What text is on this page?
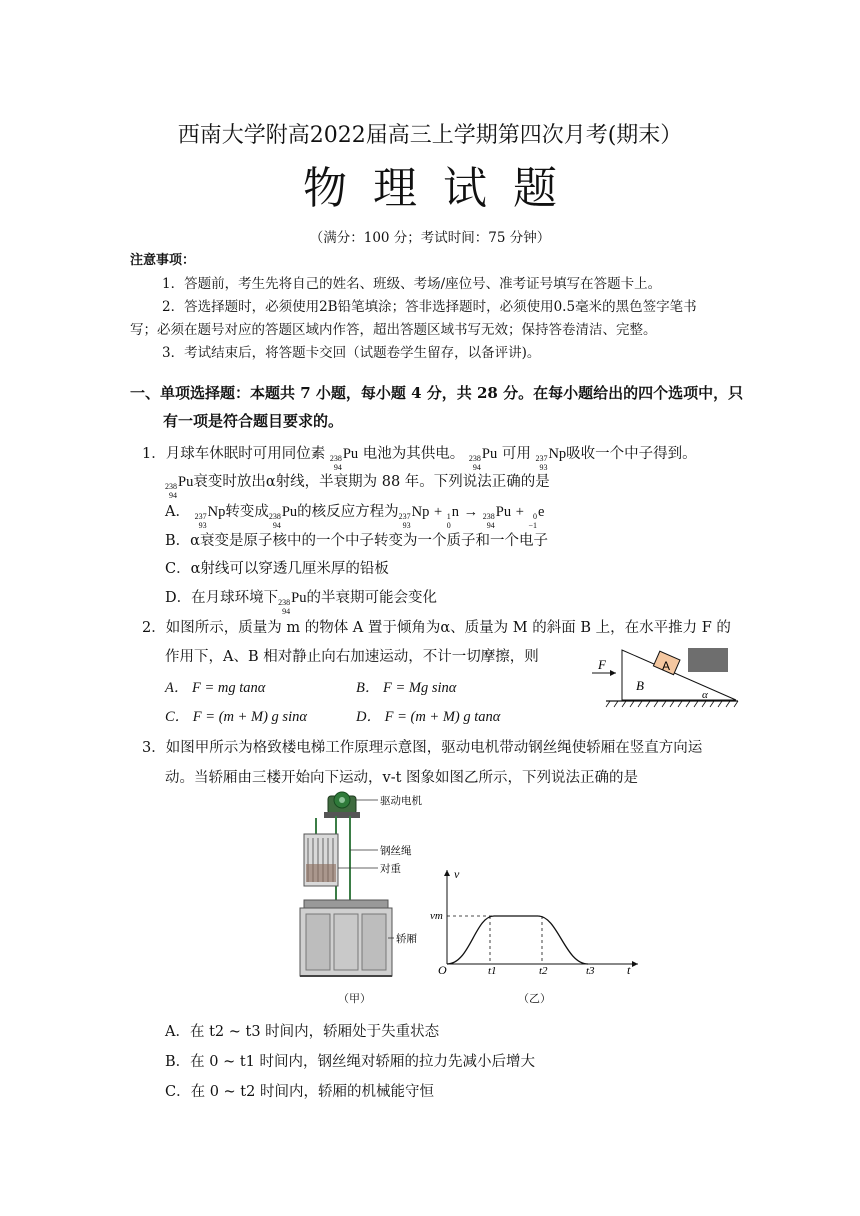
西南大学附高2022届高三上学期第四次月考(期末）
物理试题
（满分：100 分；考试时间：75 分钟）
注意事项：
1．答题前，考生先将自己的姓名、班级、考场/座位号、准考证号填写在答题卡上。
2．答选择题时，必须使用2B铅笔填涂；答非选择题时，必须使用0.5毫米的黑色签字笔书
写；必须在题号对应的答题区域内作答，超出答题区域书写无效；保持答卷清洁、完整。
3．考试结束后，将答题卡交回（试题卷学生留存，以备评讲)。
一、单项选择题：本题共 7 小题，每小题 4 分，共 28 分。在每小题给出的四个选项中，只
有一项是符合题目要求的。
1．月球车休眠时可用同位素 238
94
Pu 电池为其供电。 238
94
Pu 可用 237
93
Np吸收一个中子得到。
238
94
Pu衰变时放出α射线，半衰期为 88 年。下列说法正确的是
A． 237
93
Np转变成 238
94
Pu的核反应方程为 237
93
Np + 1
0
n → 238
94
Pu +	0
−1
e
B．α衰变是原子核中的一个中子转变为一个质子和一个电子
C．α射线可以穿透几厘米厚的铅板
D．在月球环境下 238
94
Pu的半衰期可能会变化
2．如图所示，质量为 m 的物体 A 置于倾角为α、质量为 M 的斜面 B 上，在水平推力 F 的
作用下，A、B 相对静止向右加速运动，不计一切摩擦，则
A． F = mg tanα	B． F = Mg sinα
C． F = (m + M) g sinα	D． F = (m + M) g tanα
F	A
B
α
3．如图甲所示为格致楼电梯工作原理示意图，驱动电机带动钢丝绳使轿厢在竖直方向运
动。当轿厢由三楼开始向下运动，v-t 图象如图乙所示，下列说法正确的是
驱动电机
钢丝绳
对重
轿厢
（甲）
v
vm
O	t1	t2	t3	t
（乙）
A．在 t2 ~ t3 时间内，轿厢处于失重状态
B．在 0 ~ t1 时间内，钢丝绳对轿厢的拉力先减小后增大
C．在 0 ~ t2 时间内，轿厢的机械能守恒
